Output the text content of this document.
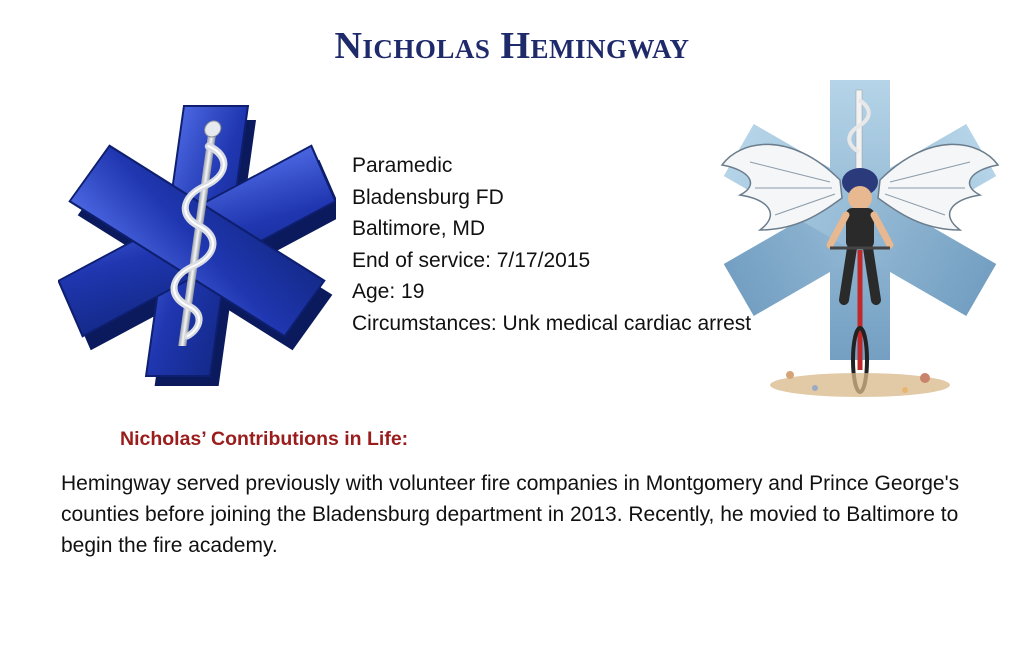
Nicholas Hemingway
Paramedic
Bladensburg FD
Baltimore, MD
End of service: 7/17/2015
Age: 19
Circumstances: Unk medical cardiac arrest
Nicholas’ Contributions in Life:
Hemingway served previously with volunteer fire companies in Montgomery and Prince George's counties before joining the Bladensburg department in 2013. Recently, he movied to Baltimore to begin the fire academy.
